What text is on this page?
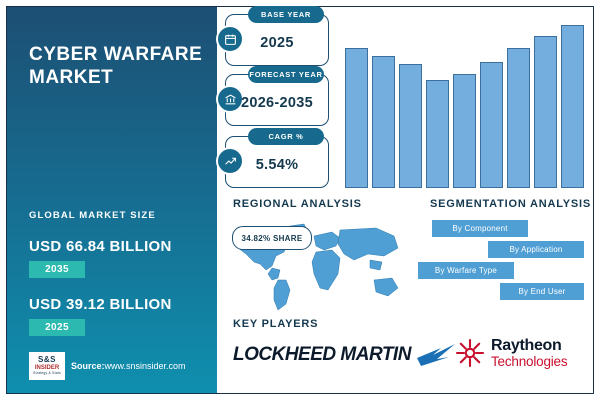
CYBER WARFARE MARKET
GLOBAL MARKET SIZE
USD 66.84 BILLION
2035
USD 39.12 BILLION
2025
S&S
INSIDER
Strategy & Stats
Source:www.snsinsider.com
BASE YEAR
2025
FORECAST YEAR
2026-2035
CAGR %
5.54%
REGIONAL ANALYSIS	SEGMENTATION ANALYSIS
KEY PLAYERS
34.82% SHARE
By Component
By Application
By Warfare Type
By End User
LOCKHEED MARTIN	Raytheon
Technologies
